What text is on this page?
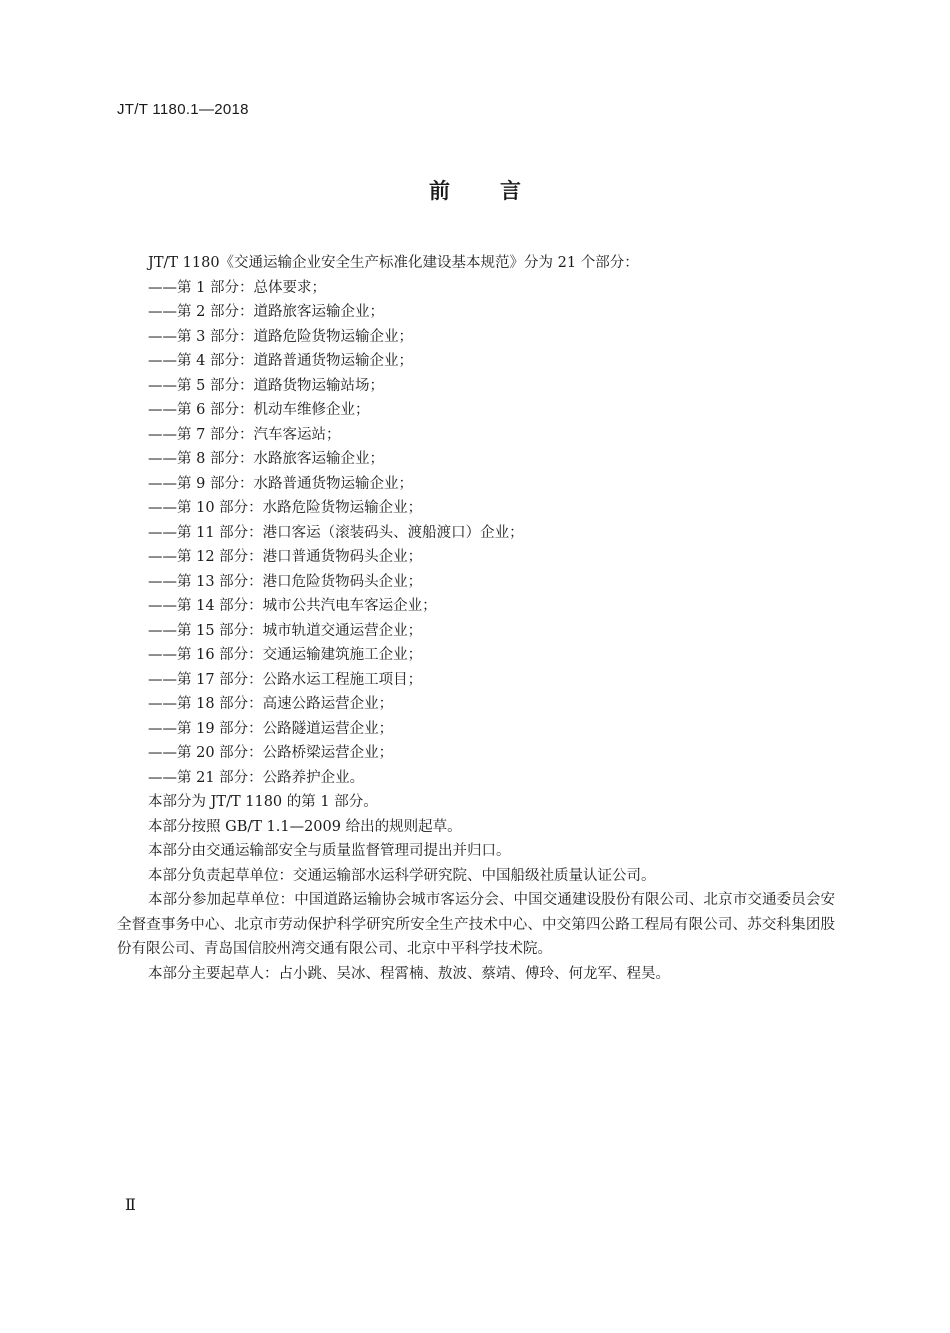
JT/T 1180.1—2018
前言

JT/T 1180《交通运输企业安全生产标准化建设基本规范》分为 21 个部分：

——第 1 部分：总体要求；

——第 2 部分：道路旅客运输企业；

——第 3 部分：道路危险货物运输企业；

——第 4 部分：道路普通货物运输企业；

——第 5 部分：道路货物运输站场；

——第 6 部分：机动车维修企业；

——第 7 部分：汽车客运站；

——第 8 部分：水路旅客运输企业；

——第 9 部分：水路普通货物运输企业；

——第 10 部分：水路危险货物运输企业；

——第 11 部分：港口客运（滚装码头、渡船渡口）企业；

——第 12 部分：港口普通货物码头企业；

——第 13 部分：港口危险货物码头企业；

——第 14 部分：城市公共汽电车客运企业；

——第 15 部分：城市轨道交通运营企业；

——第 16 部分：交通运输建筑施工企业；

——第 17 部分：公路水运工程施工项目；

——第 18 部分：高速公路运营企业；

——第 19 部分：公路隧道运营企业；

——第 20 部分：公路桥梁运营企业；

——第 21 部分：公路养护企业。

本部分为 JT/T 1180 的第 1 部分。

本部分按照 GB/T 1.1—2009 给出的规则起草。

本部分由交通运输部安全与质量监督管理司提出并归口。

本部分负责起草单位：交通运输部水运科学研究院、中国船级社质量认证公司。

本部分参加起草单位：中国道路运输协会城市客运分会、中国交通建设股份有限公司、北京市交通委员会安全督查事务中心、北京市劳动保护科学研究所安全生产技术中心、中交第四公路工程局有限公司、苏交科集团股份有限公司、青岛国信胶州湾交通有限公司、北京中平科学技术院。

本部分主要起草人：占小跳、吴冰、程霄楠、敖波、蔡靖、傅玲、何龙军、程昊。

Ⅱ
